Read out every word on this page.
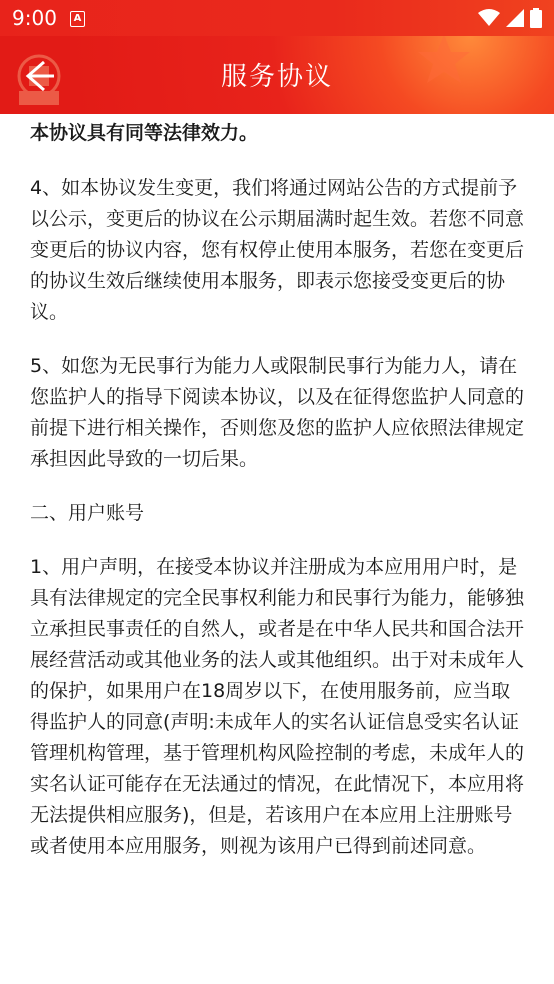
9:00	A
服务协议

本协议具有同等法律效力。

4、如本协议发生变更，我们将通过网站公告的方式提前予以公示，变更后的协议在公示期届满时起生效。若您不同意变更后的协议内容，您有权停止使用本服务，若您在变更后的协议生效后继续使用本服务，即表示您接受变更后的协议。

5、如您为无民事行为能力人或限制民事行为能力人，请在您监护人的指导下阅读本协议，以及在征得您监护人同意的前提下进行相关操作，否则您及您的监护人应依照法律规定承担因此导致的一切后果。

二、用户账号

1、用户声明，在接受本协议并注册成为本应用用户时，是具有法律规定的完全民事权利能力和民事行为能力，能够独立承担民事责任的自然人，或者是在中华人民共和国合法开展经营活动或其他业务的法人或其他组织。出于对未成年人的保护，如果用户在18周岁以下，在使用服务前，应当取得监护人的同意(声明:未成年人的实名认证信息受实名认证管理机构管理，基于管理机构风险控制的考虑，未成年人的实名认证可能存在无法通过的情况，在此情况下，本应用将无法提供相应服务)，但是，若该用户在本应用上注册账号或者使用本应用服务，则视为该用户已得到前述同意。
